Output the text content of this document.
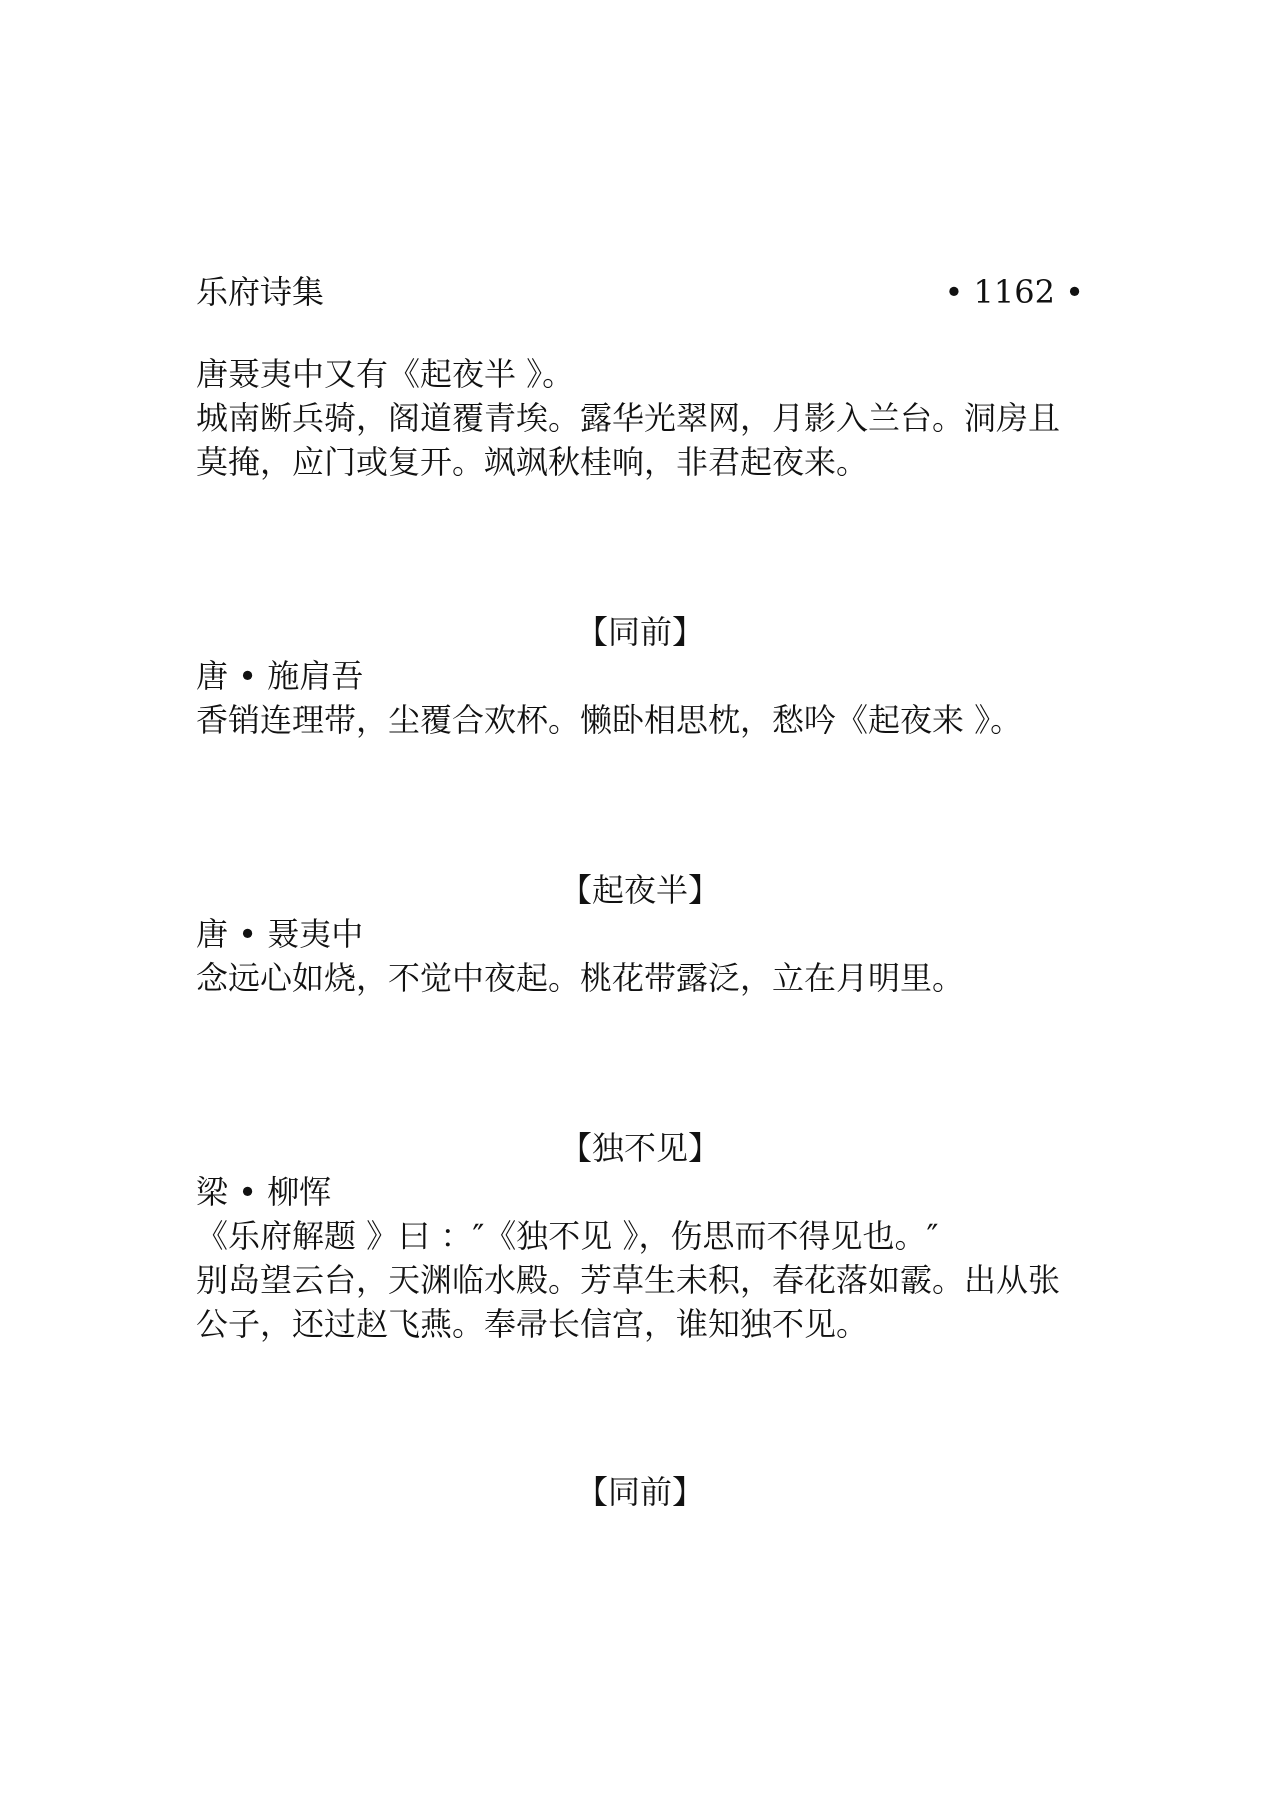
乐府诗集	• 1162 •

唐聂夷中又有《起夜半 》。

城南断兵骑，阁道覆青埃。露华光翠网，月影入兰台。洞房且

莫掩，应门或复开。飒飒秋桂响，非君起夜来。

【同前】

唐 • 施肩吾

香销连理带，尘覆合欢杯。懒卧相思枕，愁吟《起夜来 》。

【起夜半】

唐 • 聂夷中

念远心如烧，不觉中夜起。桃花带露泛，立在月明里。

【独不见】

梁 • 柳恽

《乐府解题 》曰 ：″《独不见 》，伤思而不得见也。″

别岛望云台，天渊临水殿。芳草生未积，春花落如霰。出从张

公子，还过赵飞燕。奉帚长信宫，谁知独不见。

【同前】
